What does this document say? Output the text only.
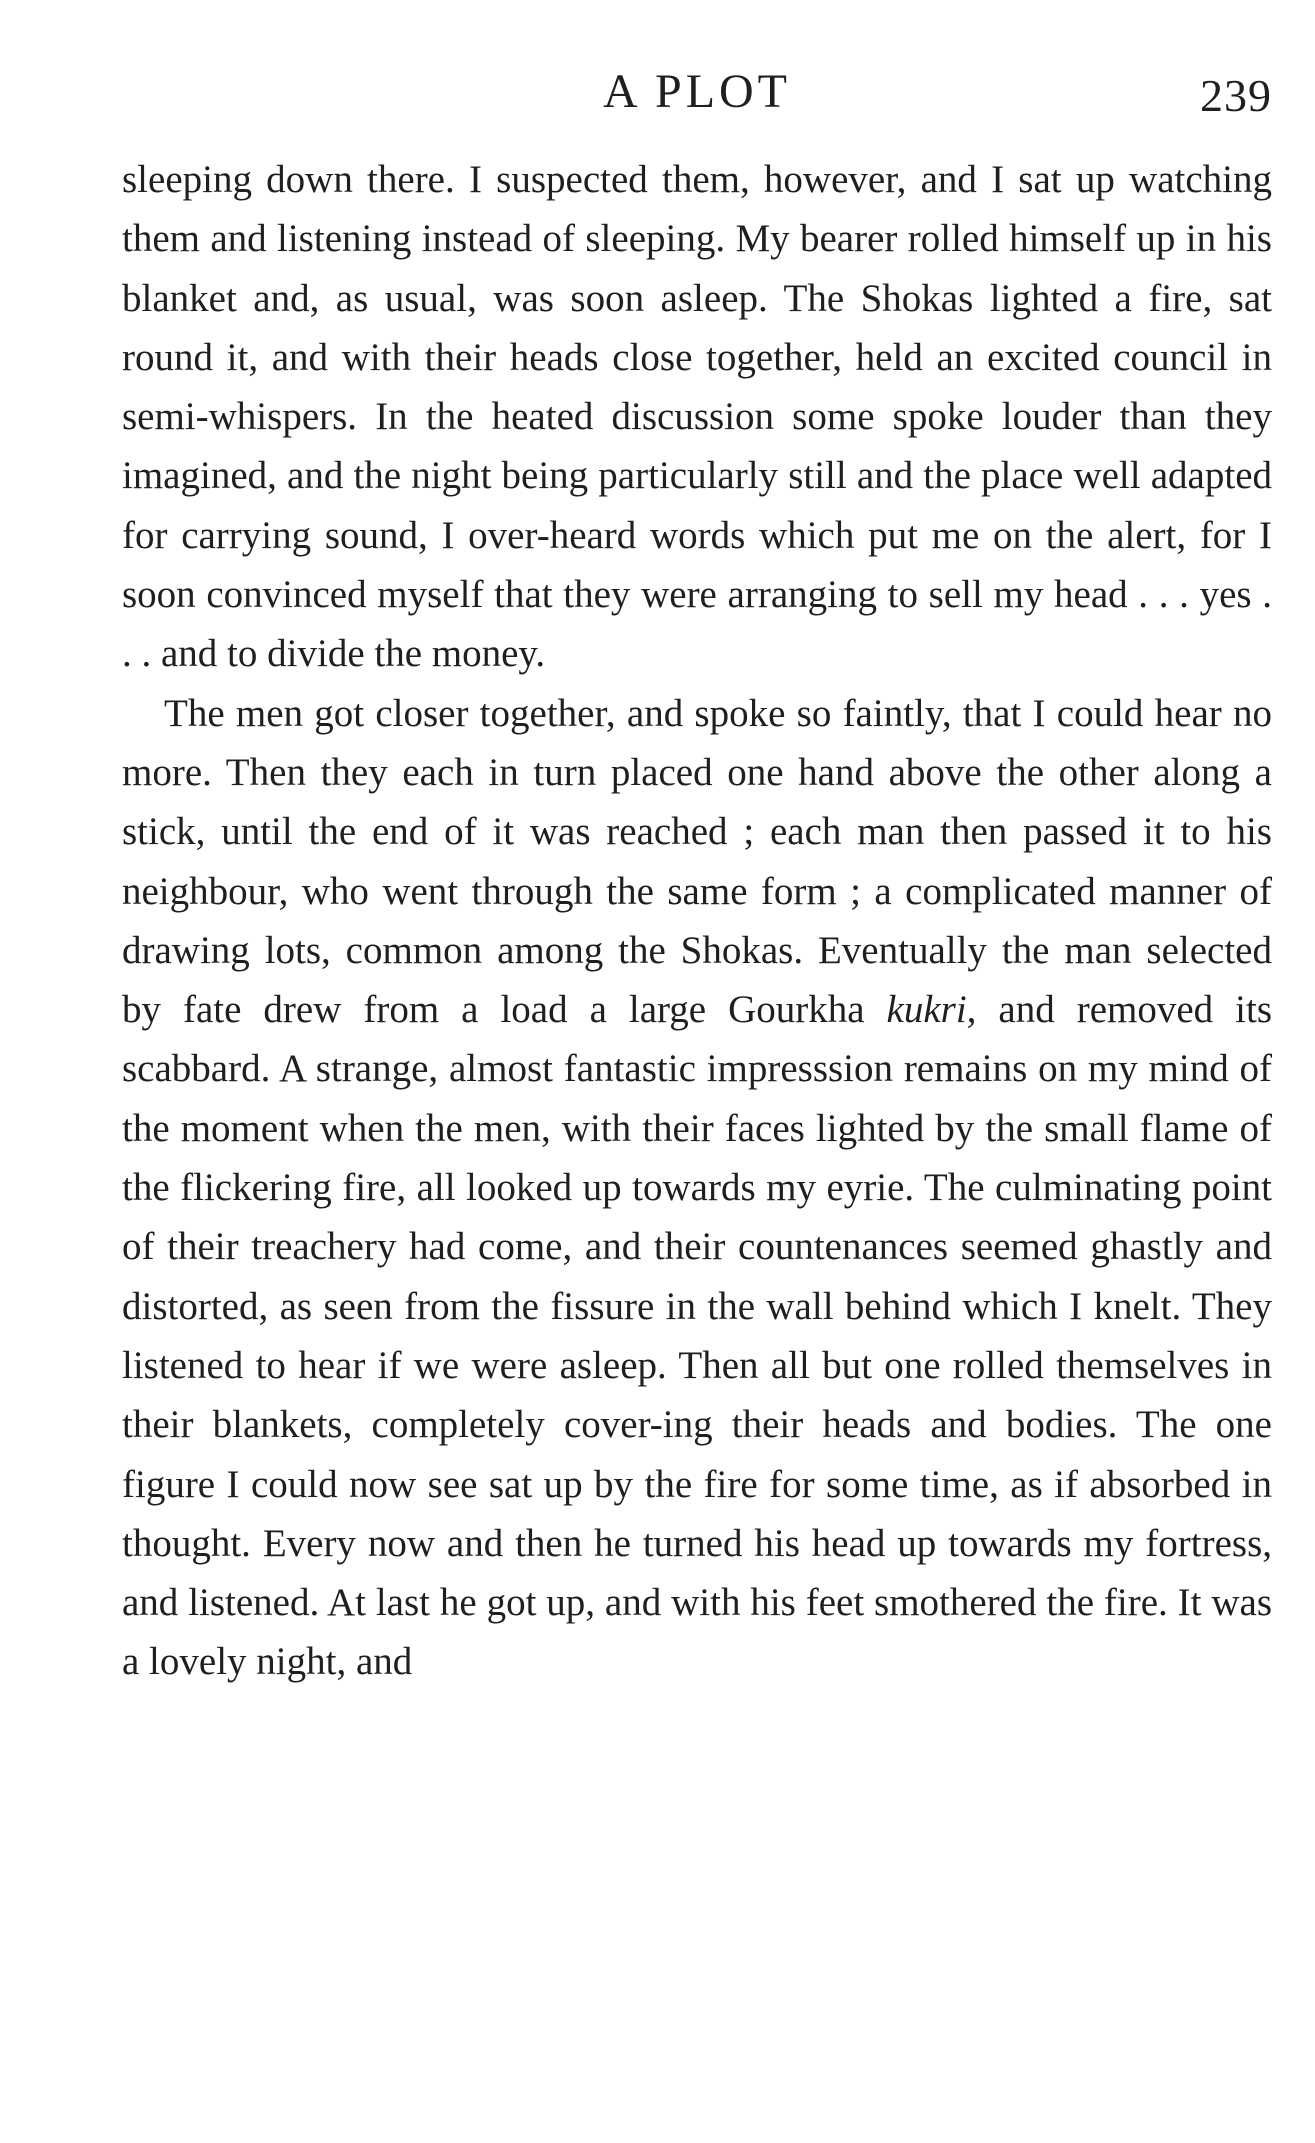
A PLOT	239

sleeping down there. I suspected them, however, and I sat up watching them and listening instead of sleeping. My bearer rolled himself up in his blanket and, as usual, was soon asleep. The Shokas lighted a fire, sat round it, and with their heads close together, held an excited council in semi-whispers. In the heated discussion some spoke louder than they imagined, and the night being particularly still and the place well adapted for carrying sound, I over-heard words which put me on the alert, for I soon convinced myself that they were arranging to sell my head . . . yes . . . and to divide the money.

The men got closer together, and spoke so faintly, that I could hear no more. Then they each in turn placed one hand above the other along a stick, until the end of it was reached ; each man then passed it to his neighbour, who went through the same form ; a complicated manner of drawing lots, common among the Shokas. Eventually the man selected by fate drew from a load a large Gourkha kukri, and removed its scabbard. A strange, almost fantastic impresssion remains on my mind of the moment when the men, with their faces lighted by the small flame of the flickering fire, all looked up towards my eyrie. The culminating point of their treachery had come, and their countenances seemed ghastly and distorted, as seen from the fissure in the wall behind which I knelt. They listened to hear if we were asleep. Then all but one rolled themselves in their blankets, completely cover-ing their heads and bodies. The one figure I could now see sat up by the fire for some time, as if absorbed in thought. Every now and then he turned his head up towards my fortress, and listened. At last he got up, and with his feet smothered the fire. It was a lovely night, and
